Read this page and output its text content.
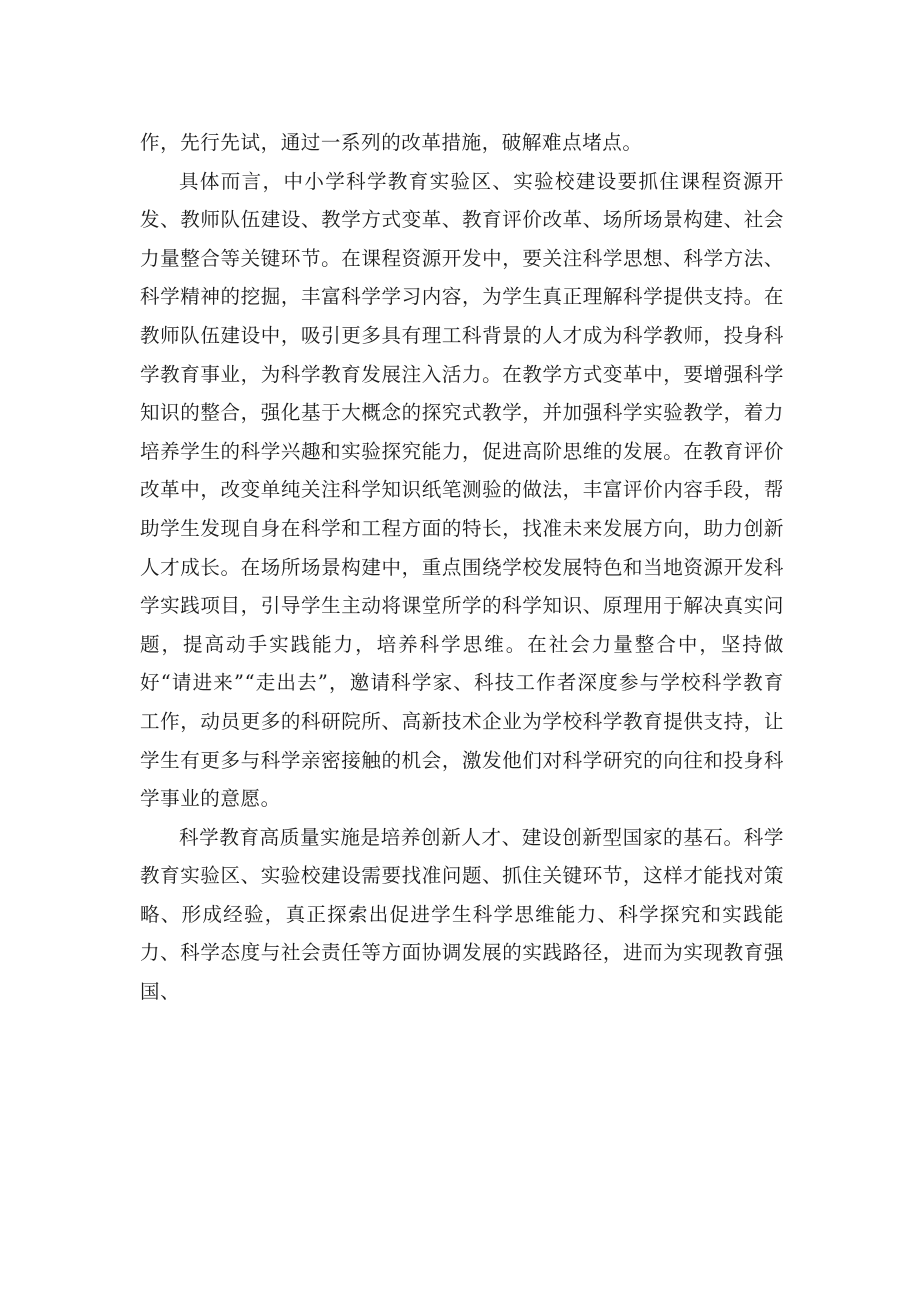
作，先行先试，通过一系列的改革措施，破解难点堵点。

具体而言，中小学科学教育实验区、实验校建设要抓住课程资源开发、教师队伍建设、教学方式变革、教育评价改革、场所场景构建、社会力量整合等关键环节。在课程资源开发中，要关注科学思想、科学方法、科学精神的挖掘，丰富科学学习内容，为学生真正理解科学提供支持。在教师队伍建设中，吸引更多具有理工科背景的人才成为科学教师，投身科学教育事业，为科学教育发展注入活力。在教学方式变革中，要增强科学知识的整合，强化基于大概念的探究式教学，并加强科学实验教学，着力培养学生的科学兴趣和实验探究能力，促进高阶思维的发展。在教育评价改革中，改变单纯关注科学知识纸笔测验的做法，丰富评价内容手段，帮助学生发现自身在科学和工程方面的特长，找准未来发展方向，助力创新人才成长。在场所场景构建中，重点围绕学校发展特色和当地资源开发科学实践项目，引导学生主动将课堂所学的科学知识、原理用于解决真实问题，提高动手实践能力，培养科学思维。在社会力量整合中，坚持做好“请进来”“走出去”，邀请科学家、科技工作者深度参与学校科学教育工作，动员更多的科研院所、高新技术企业为学校科学教育提供支持，让学生有更多与科学亲密接触的机会，激发他们对科学研究的向往和投身科学事业的意愿。

科学教育高质量实施是培养创新人才、建设创新型国家的基石。科学教育实验区、实验校建设需要找准问题、抓住关键环节，这样才能找对策略、形成经验，真正探索出促进学生科学思维能力、科学探究和实践能力、科学态度与社会责任等方面协调发展的实践路径，进而为实现教育强国、
